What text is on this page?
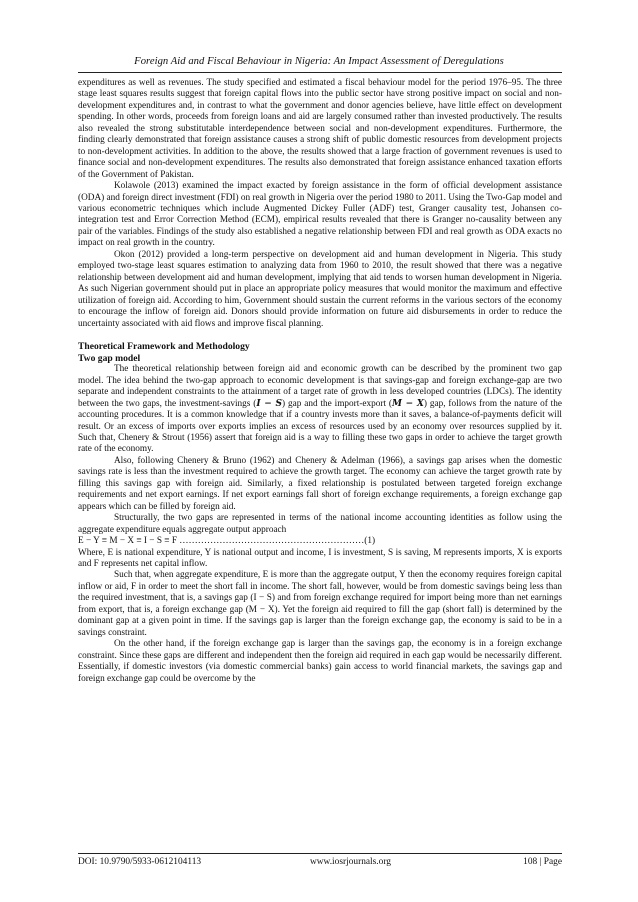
Foreign Aid and Fiscal Behaviour in Nigeria: An Impact Assessment of Deregulations

expenditures as well as revenues. The study specified and estimated a fiscal behaviour model for the period 1976–95. The three stage least squares results suggest that foreign capital flows into the public sector have strong positive impact on social and non-development expenditures and, in contrast to what the government and donor agencies believe, have little effect on development spending. In other words, proceeds from foreign loans and aid are largely consumed rather than invested productively. The results also revealed the strong substitutable interdependence between social and non-development expenditures. Furthermore, the finding clearly demonstrated that foreign assistance causes a strong shift of public domestic resources from development projects to non-development activities. In addition to the above, the results showed that a large fraction of government revenues is used to finance social and non-development expenditures. The results also demonstrated that foreign assistance enhanced taxation efforts of the Government of Pakistan.

Kolawole (2013) examined the impact exacted by foreign assistance in the form of official development assistance (ODA) and foreign direct investment (FDI) on real growth in Nigeria over the period 1980 to 2011. Using the Two-Gap model and various econometric techniques which include Augmented Dickey Fuller (ADF) test, Granger causality test, Johansen co-integration test and Error Correction Method (ECM), empirical results revealed that there is Granger no-causality between any pair of the variables. Findings of the study also established a negative relationship between FDI and real growth as ODA exacts no impact on real growth in the country.

Okon (2012) provided a long-term perspective on development aid and human development in Nigeria. This study employed two-stage least squares estimation to analyzing data from 1960 to 2010, the result showed that there was a negative relationship between development aid and human development, implying that aid tends to worsen human development in Nigeria. As such Nigerian government should put in place an appropriate policy measures that would monitor the maximum and effective utilization of foreign aid. According to him, Government should sustain the current reforms in the various sectors of the economy to encourage the inflow of foreign aid. Donors should provide information on future aid disbursements in order to reduce the uncertainty associated with aid flows and improve fiscal planning.

Theoretical Framework and Methodology
Two gap model

The theoretical relationship between foreign aid and economic growth can be described by the prominent two gap model. The idea behind the two-gap approach to economic development is that savings-gap and foreign exchange-gap are two separate and independent constraints to the attainment of a target rate of growth in less developed countries (LDCs). The identity between the two gaps, the investment-savings (I − S) gap and the import-export (M − X) gap, follows from the nature of the accounting procedures. It is a common knowledge that if a country invests more than it saves, a balance-of-payments deficit will result. Or an excess of imports over exports implies an excess of resources used by an economy over resources supplied by it. Such that, Chenery & Strout (1956) assert that foreign aid is a way to filling these two gaps in order to achieve the target growth rate of the economy.

Also, following Chenery & Bruno (1962) and Chenery & Adelman (1966), a savings gap arises when the domestic savings rate is less than the investment required to achieve the growth target. The economy can achieve the target growth rate by filling this savings gap with foreign aid. Similarly, a fixed relationship is postulated between targeted foreign exchange requirements and net export earnings. If net export earnings fall short of foreign exchange requirements, a foreign exchange gap appears which can be filled by foreign aid.

Structurally, the two gaps are represented in terms of the national income accounting identities as follow using the aggregate expenditure equals aggregate output approach

E − Y ≡ M − X ≡ I − S ≡ F ……………………………………………………(1)

Where, E is national expenditure, Y is national output and income, I is investment, S is saving, M represents imports, X is exports and F represents net capital inflow.

Such that, when aggregate expenditure, E is more than the aggregate output, Y then the economy requires foreign capital inflow or aid, F in order to meet the short fall in income. The short fall, however, would be from domestic savings being less than the required investment, that is, a savings gap (I − S) and from foreign exchange required for import being more than net earnings from export, that is, a foreign exchange gap (M − X). Yet the foreign aid required to fill the gap (short fall) is determined by the dominant gap at a given point in time. If the savings gap is larger than the foreign exchange gap, the economy is said to be in a savings constraint.

On the other hand, if the foreign exchange gap is larger than the savings gap, the economy is in a foreign exchange constraint. Since these gaps are different and independent then the foreign aid required in each gap would be necessarily different. Essentially, if domestic investors (via domestic commercial banks) gain access to world financial markets, the savings gap and foreign exchange gap could be overcome by the

DOI: 10.9790/5933-0612104113	www.iosrjournals.org	108 | Page
